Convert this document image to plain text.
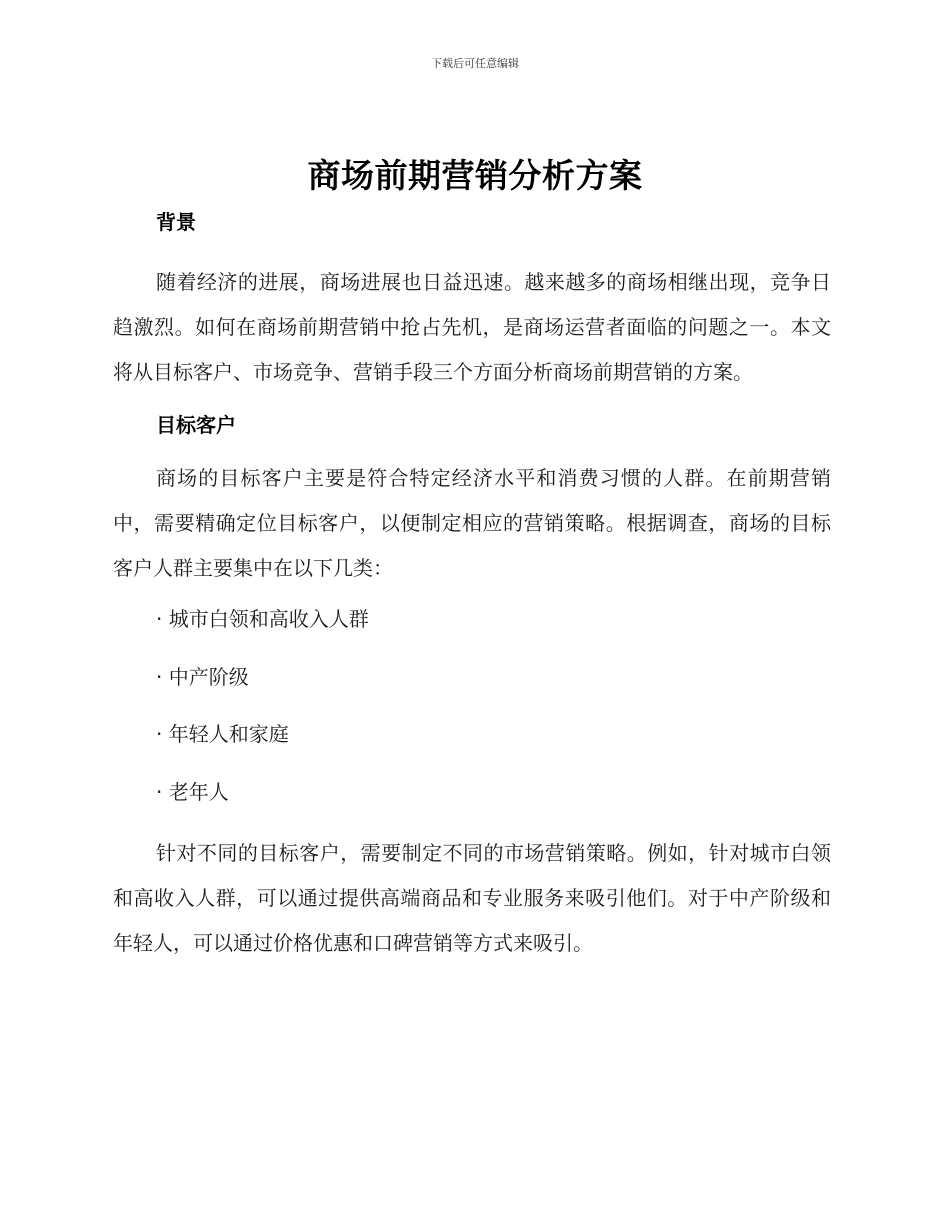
下载后可任意编辑
商场前期营销分析方案
背景

随着经济的进展，商场进展也日益迅速。越来越多的商场相继出现，竞争日趋激烈。如何在商场前期营销中抢占先机，是商场运营者面临的问题之一。本文将从目标客户、市场竞争、营销手段三个方面分析商场前期营销的方案。

目标客户

商场的目标客户主要是符合特定经济水平和消费习惯的人群。在前期营销中，需要精确定位目标客户，以便制定相应的营销策略。根据调查，商场的目标客户人群主要集中在以下几类：

· 城市白领和高收入人群
· 中产阶级
· 年轻人和家庭
· 老年人

针对不同的目标客户，需要制定不同的市场营销策略。例如，针对城市白领和高收入人群，可以通过提供高端商品和专业服务来吸引他们。对于中产阶级和年轻人，可以通过价格优惠和口碑营销等方式来吸引。
